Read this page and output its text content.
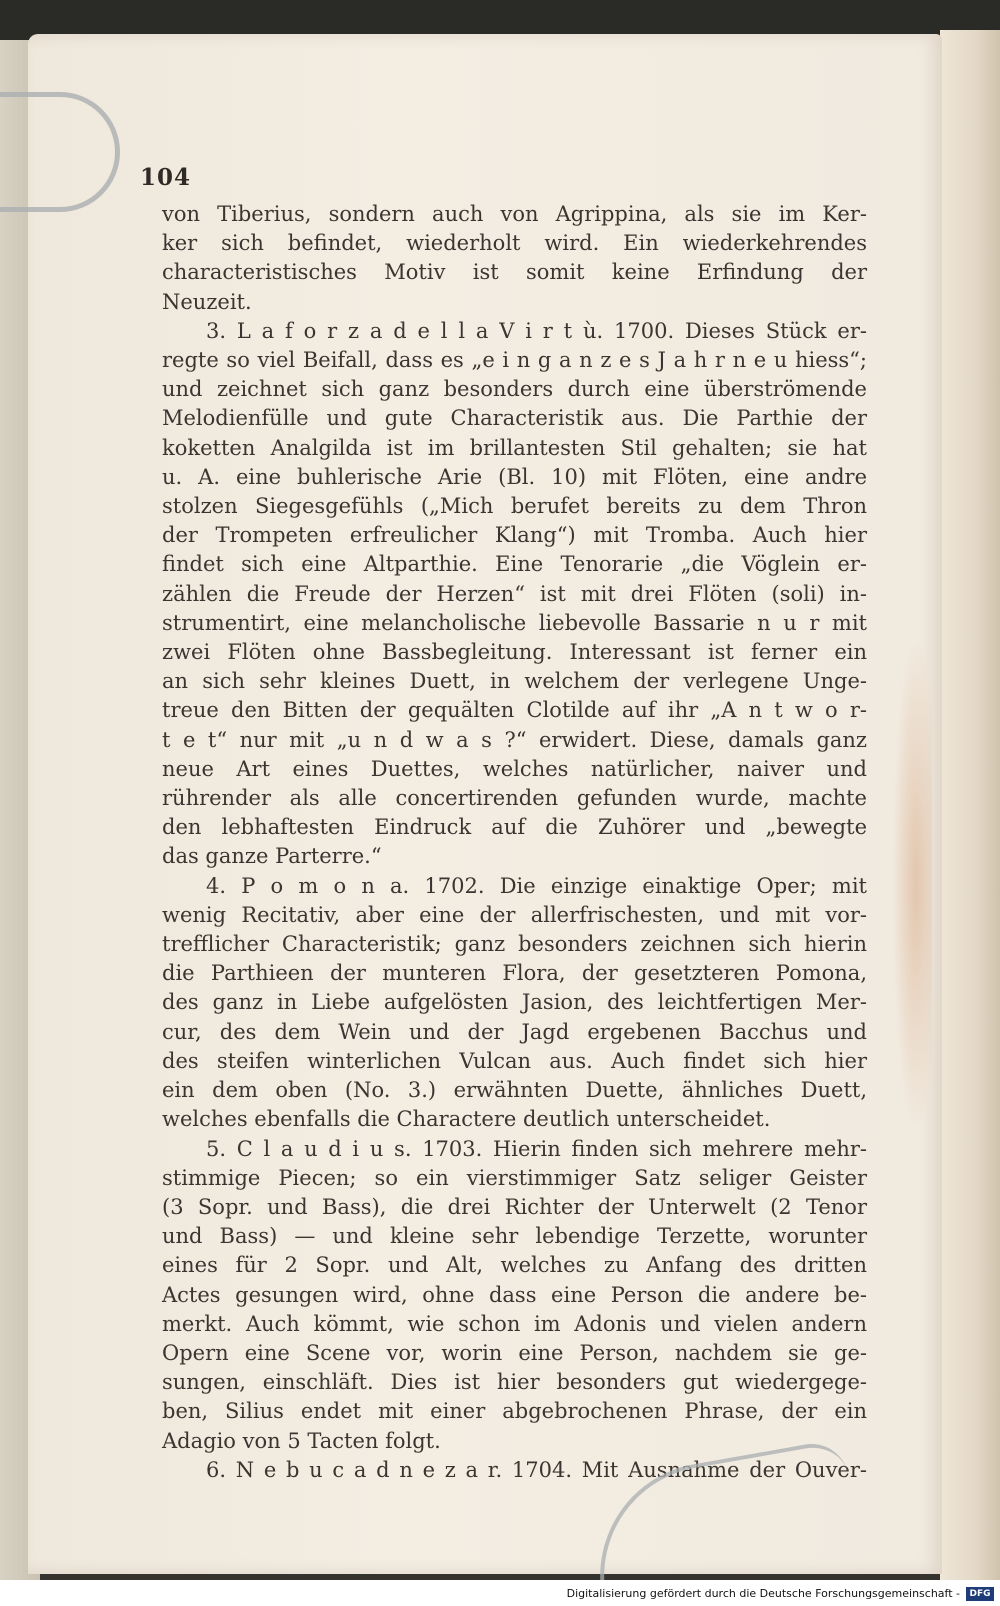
104
von Tiberius, sondern auch von Agrippina, als sie im Ker-
ker sich befindet, wiederholt wird. Ein wiederkehrendes
characteristisches Motiv ist somit keine Erfindung der
Neuzeit.
3. L a f o r z a d e l l a V i r t ù. 1700. Dieses Stück er-
regte so viel Beifall, dass es „e i n g a n z e s J a h r n e u hiess“;
und zeichnet sich ganz besonders durch eine überströmende
Melodienfülle und gute Characteristik aus. Die Parthie der
koketten Analgilda ist im brillantesten Stil gehalten; sie hat
u. A. eine buhlerische Arie (Bl. 10) mit Flöten, eine andre
stolzen Siegesgefühls („Mich berufet bereits zu dem Thron
der Trompeten erfreulicher Klang“) mit Tromba. Auch hier
findet sich eine Altparthie. Eine Tenorarie „die Vöglein er-
zählen die Freude der Herzen“ ist mit drei Flöten (soli) in-
strumentirt, eine melancholische liebevolle Bassarie n u r mit
zwei Flöten ohne Bassbegleitung. Interessant ist ferner ein
an sich sehr kleines Duett, in welchem der verlegene Unge-
treue den Bitten der gequälten Clotilde auf ihr „A n t w o r-
t e t“ nur mit „u n d w a s ?“ erwidert. Diese, damals ganz
neue Art eines Duettes, welches natürlicher, naiver und
rührender als alle concertirenden gefunden wurde, machte
den lebhaftesten Eindruck auf die Zuhörer und „bewegte
das ganze Parterre.“
4. P o m o n a. 1702. Die einzige einaktige Oper; mit
wenig Recitativ, aber eine der allerfrischesten, und mit vor-
trefflicher Characteristik; ganz besonders zeichnen sich hierin
die Parthieen der munteren Flora, der gesetzteren Pomona,
des ganz in Liebe aufgelösten Jasion, des leichtfertigen Mer-
cur, des dem Wein und der Jagd ergebenen Bacchus und
des steifen winterlichen Vulcan aus. Auch findet sich hier
ein dem oben (No. 3.) erwähnten Duette, ähnliches Duett,
welches ebenfalls die Charactere deutlich unterscheidet.
5. C l a u d i u s. 1703. Hierin finden sich mehrere mehr-
stimmige Piecen; so ein vierstimmiger Satz seliger Geister
(3 Sopr. und Bass), die drei Richter der Unterwelt (2 Tenor
und Bass) — und kleine sehr lebendige Terzette, worunter
eines für 2 Sopr. und Alt, welches zu Anfang des dritten
Actes gesungen wird, ohne dass eine Person die andere be-
merkt. Auch kömmt, wie schon im Adonis und vielen andern
Opern eine Scene vor, worin eine Person, nachdem sie ge-
sungen, einschläft. Dies ist hier besonders gut wiedergege-
ben, Silius endet mit einer abgebrochenen Phrase, der ein
Adagio von 5 Tacten folgt.
6. N e b u c a d n e z a r. 1704. Mit Ausnahme der Ouver-
Digitalisierung gefördert durch die Deutsche Forschungsgemeinschaft -	DFG
